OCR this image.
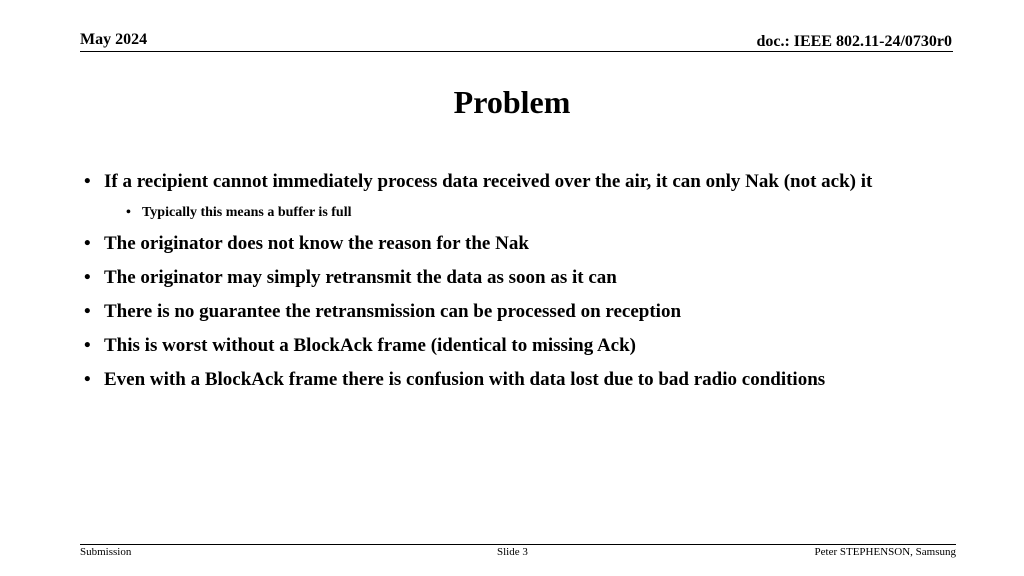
May 2024	doc.: IEEE 802.11-24/0730r0
Problem
• If a recipient cannot immediately process data received over the air, it can only Nak (not ack) it
• Typically this means a buffer is full
• The originator does not know the reason for the Nak
• The originator may simply retransmit the data as soon as it can
• There is no guarantee the retransmission can be processed on reception
• This is worst without a BlockAck frame (identical to missing Ack)
• Even with a BlockAck frame there is confusion with data lost due to bad radio conditions
Submission	Slide 3	Peter STEPHENSON, Samsung
